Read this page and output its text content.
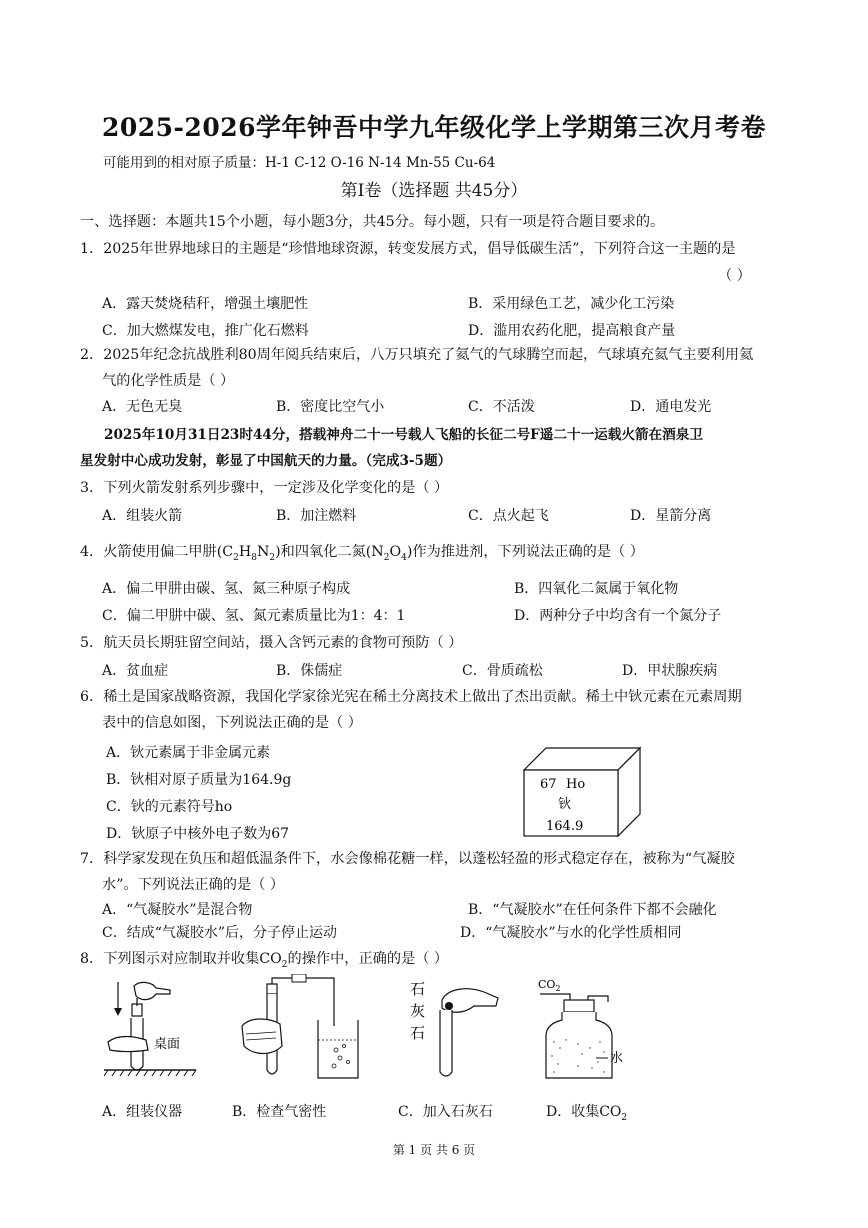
2025-2026学年钟吾中学九年级化学上学期第三次月考卷
可能用到的相对原子质量：H-1 C-12 O-16 N-14 Mn-55 Cu-64
第Ⅰ卷（选择题 共45分）
一、选择题：本题共15个小题，每小题3分，共45分。每小题，只有一项是符合题目要求的。
1．2025年世界地球日的主题是“珍惜地球资源，转变发展方式，倡导低碳生活”，下列符合这一主题的是
（ ）
A．露天焚烧秸秆，增强土壤肥性	B．采用绿色工艺，减少化工污染
C．加大燃煤发电，推广化石燃料	D．滥用农药化肥，提高粮食产量
2．2025年纪念抗战胜利80周年阅兵结束后，八万只填充了氦气的气球腾空而起，气球填充氦气主要利用氦
气的化学性质是（ ）
A．无色无臭	B．密度比空气小	C．不活泼	D．通电发光
2025年10月31日23时44分，搭载神舟二十一号载人飞船的长征二号F遥二十一运载火箭在酒泉卫
星发射中心成功发射，彰显了中国航天的力量。（完成3-5题）
3．下列火箭发射系列步骤中，一定涉及化学变化的是（ ）
A．组装火箭	B．加注燃料	C．点火起飞	D．星箭分离
4．火箭使用偏二甲肼$(C_2H_8N_2)$和四氧化二氮$(N_2O_4)$作为推进剂，下列说法正确的是（ ）
A．偏二甲肼由碳、氢、氮三种原子构成	B．四氧化二氮属于氧化物
C．偏二甲肼中碳、氢、氮元素质量比为1：4：1	D．两种分子中均含有一个氮分子
5．航天员长期驻留空间站，摄入含钙元素的食物可预防（ ）
A．贫血症	B．侏儒症	C．骨质疏松	D．甲状腺疾病
6．稀土是国家战略资源，我国化学家徐光宪在稀土分离技术上做出了杰出贡献。稀土中钬元素在元素周期
表中的信息如图，下列说法正确的是（ ）
A．钬元素属于非金属元素
B．钬相对原子质量为164.9g
C．钬的元素符号ho
D．钬原子中核外电子数为67
67 Ho
钬
164.9
7．科学家发现在负压和超低温条件下，水会像棉花糖一样，以蓬松轻盈的形式稳定存在，被称为“气凝胶
水”。下列说法正确的是（ ）
A．“气凝胶水”是混合物	B．“气凝胶水”在任何条件下都不会融化
C．结成“气凝胶水”后，分子停止运动	D．“气凝胶水”与水的化学性质相同
8．下列图示对应制取并收集$CO_2$的操作中，正确的是（ ）
桌面
石
灰
石
$CO_2$
水
A．组装仪器	B．检查气密性	C．加入石灰石	D．收集$CO_2$
第 1 页 共 6 页
